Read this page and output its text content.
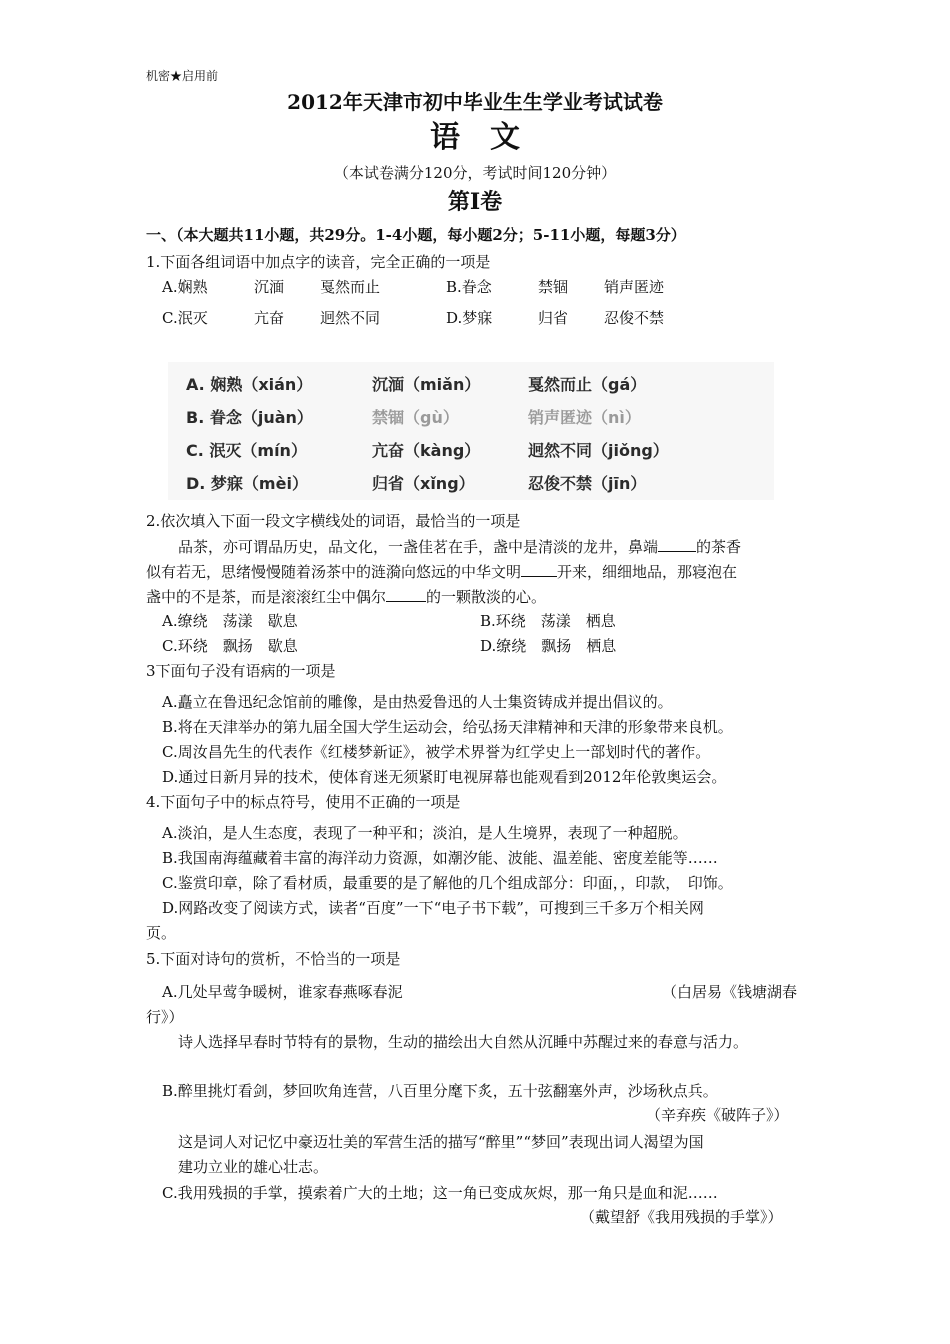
机密★启用前
2012年天津市初中毕业生生学业考试试卷
语　文
（本试卷满分120分，考试时间120分钟）
第Ⅰ卷
一、（本大题共11小题，共29分。1-4小题，每小题2分；5-11小题，每题3分）
1.下面各组词语中加点字的读音，完全正确的一项是
A.娴熟	沉湎 戛然而止	B.眷念	禁锢 销声匿迹
C.泯灭	亢奋 迥然不同	D.梦寐	归省 忍俊不禁
A. 娴熟（xián）	沉湎（miǎn）	戛然而止（gá）
B. 眷念（juàn）	禁锢（gù）	销声匿迹（nì）
C. 泯灭（mín）	亢奋（kàng）	迥然不同（jiǒng）
D. 梦寐（mèi）	归省（xǐng）	忍俊不禁（jīn）
2.依次填入下面一段文字横线处的词语，最恰当的一项是
品茶，亦可谓品历史，品文化，一盏佳茗在手，盏中是清淡的龙井，鼻端	的茶香
似有若无，思绪慢慢随着汤茶中的涟漪向悠远的中华文明 开来，细细地品，那寝泡在
盏中的不是茶，而是滚滚红尘中偶尔	的一颗散淡的心。
A.缭绕　荡漾　歇息	B.环绕　荡漾　栖息
C.环绕　飘扬　歇息	D.缭绕　飘扬　栖息
3下面句子没有语病的一项是
A.矗立在鲁迅纪念馆前的雕像，是由热爱鲁迅的人士集资铸成并提出倡议的。
B.将在天津举办的第九届全国大学生运动会，给弘扬天津精神和天津的形象带来良机。
C.周汝昌先生的代表作《红楼梦新证》，被学术界誉为红学史上一部划时代的著作。
D.通过日新月异的技术，使体育迷无须紧盯电视屏幕也能观看到2012年伦敦奥运会。
4.下面句子中的标点符号，使用不正确的一项是
A.淡泊，是人生态度，表现了一种平和；淡泊，是人生境界，表现了一种超脱。
B.我国南海蕴藏着丰富的海洋动力资源，如潮汐能、波能、温差能、密度差能等……
C.鉴赏印章，除了看材质，最重要的是了解他的几个组成部分：印面，，印款，　印饰。
D.网路改变了阅读方式，读者“百度”一下“电子书下载”，可搜到三千多万个相关网
页。
5.下面对诗句的赏析，不恰当的一项是
A.几处早莺争暖树，谁家春燕啄春泥	（白居易《钱塘湖春
行》）
诗人选择早春时节特有的景物，生动的描绘出大自然从沉睡中苏醒过来的春意与活力。
B.醉里挑灯看剑，梦回吹角连营，八百里分麾下炙，五十弦翻塞外声，沙场秋点兵。
（辛弃疾《破阵子》）
这是词人对记忆中豪迈壮美的军营生活的描写“醉里”“梦回”表现出词人渴望为国
建功立业的雄心壮志。
C.我用残损的手掌，摸索着广大的土地；这一角已变成灰烬，那一角只是血和泥……
（戴望舒《我用残损的手掌》）
